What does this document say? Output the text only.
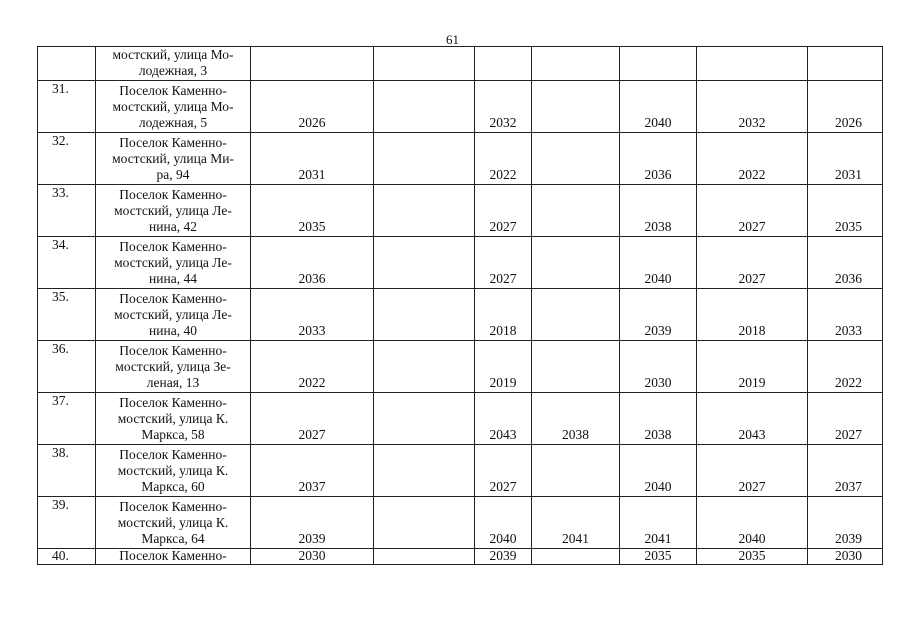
61

	мостский, улица Мо-
лодежная, 3							

31.	Поселок Каменно-
мостский, улица Мо-
лодежная, 5	2026		2032		2040	2032	2026
32.	Поселок Каменно-
мостский, улица Ми-
ра, 94	2031		2022		2036	2022	2031
33.	Поселок Каменно-
мостский, улица Ле-
нина, 42	2035		2027		2038	2027	2035
34.	Поселок Каменно-
мостский, улица Ле-
нина, 44	2036		2027		2040	2027	2036
35.	Поселок Каменно-
мостский, улица Ле-
нина, 40	2033		2018		2039	2018	2033
36.	Поселок Каменно-
мостский, улица Зе-
леная, 13	2022		2019		2030	2019	2022
37.	Поселок Каменно-
мостский, улица К.
Маркса, 58	2027		2043	2038	2038	2043	2027
38.	Поселок Каменно-
мостский, улица К.
Маркса, 60	2037		2027		2040	2027	2037
39.	Поселок Каменно-
мостский, улица К.
Маркса, 64	2039		2040	2041	2041	2040	2039
40.	Поселок Каменно-	2030		2039		2035	2035	2030
